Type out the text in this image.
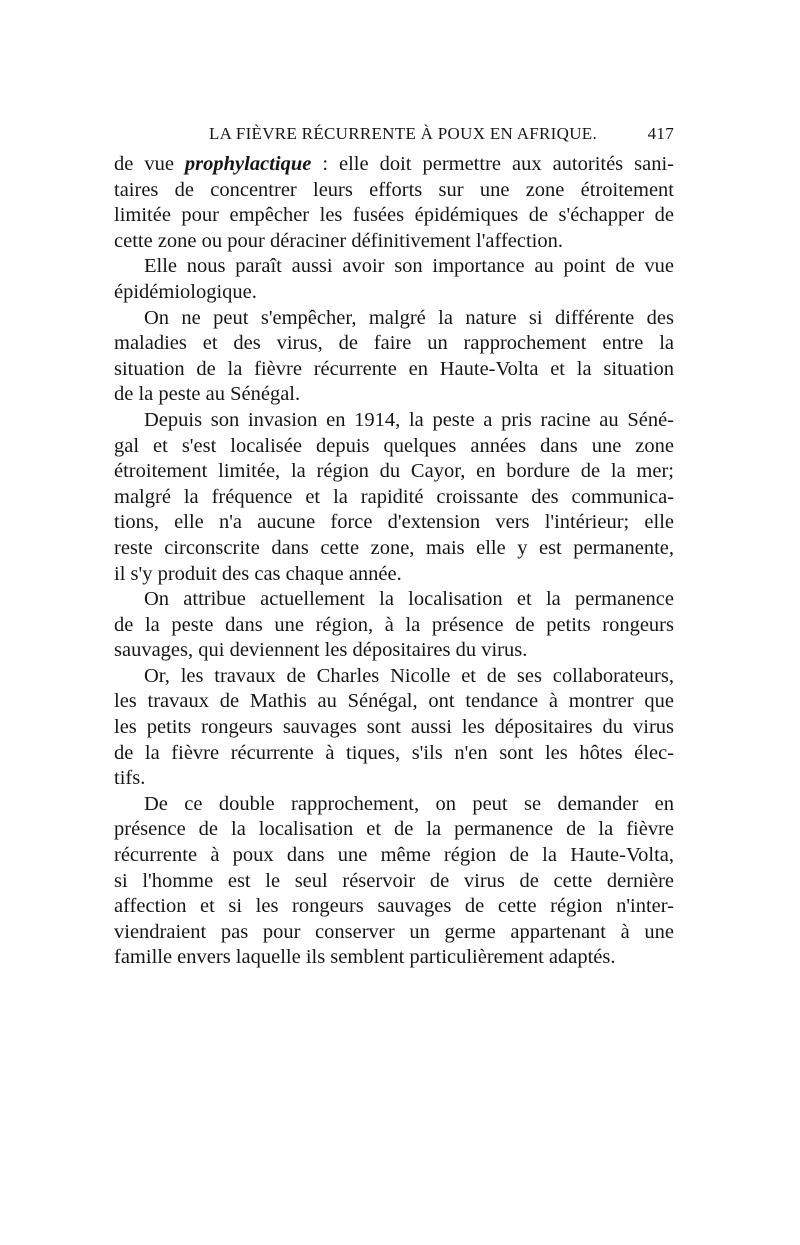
LA FIÈVRE RÉCURRENTE À POUX EN AFRIQUE.	417
de vue prophylactique : elle doit permettre aux autorités sani-
taires de concentrer leurs efforts sur une zone étroitement
limitée pour empêcher les fusées épidémiques de s'échapper de
cette zone ou pour déraciner définitivement l'affection.
Elle nous paraît aussi avoir son importance au point de vue
épidémiologique.
On ne peut s'empêcher, malgré la nature si différente des
maladies et des virus, de faire un rapprochement entre la
situation de la fièvre récurrente en Haute-Volta et la situation
de la peste au Sénégal.
Depuis son invasion en 1914, la peste a pris racine au Séné-
gal et s'est localisée depuis quelques années dans une zone
étroitement limitée, la région du Cayor, en bordure de la mer;
malgré la fréquence et la rapidité croissante des communica-
tions, elle n'a aucune force d'extension vers l'intérieur; elle
reste circonscrite dans cette zone, mais elle y est permanente,
il s'y produit des cas chaque année.
On attribue actuellement la localisation et la permanence
de la peste dans une région, à la présence de petits rongeurs
sauvages, qui deviennent les dépositaires du virus.
Or, les travaux de Charles Nicolle et de ses collaborateurs,
les travaux de Mathis au Sénégal, ont tendance à montrer que
les petits rongeurs sauvages sont aussi les dépositaires du virus
de la fièvre récurrente à tiques, s'ils n'en sont les hôtes élec-
tifs.
De ce double rapprochement, on peut se demander en
présence de la localisation et de la permanence de la fièvre
récurrente à poux dans une même région de la Haute-Volta,
si l'homme est le seul réservoir de virus de cette dernière
affection et si les rongeurs sauvages de cette région n'inter-
viendraient pas pour conserver un germe appartenant à une
famille envers laquelle ils semblent particulièrement adaptés.
